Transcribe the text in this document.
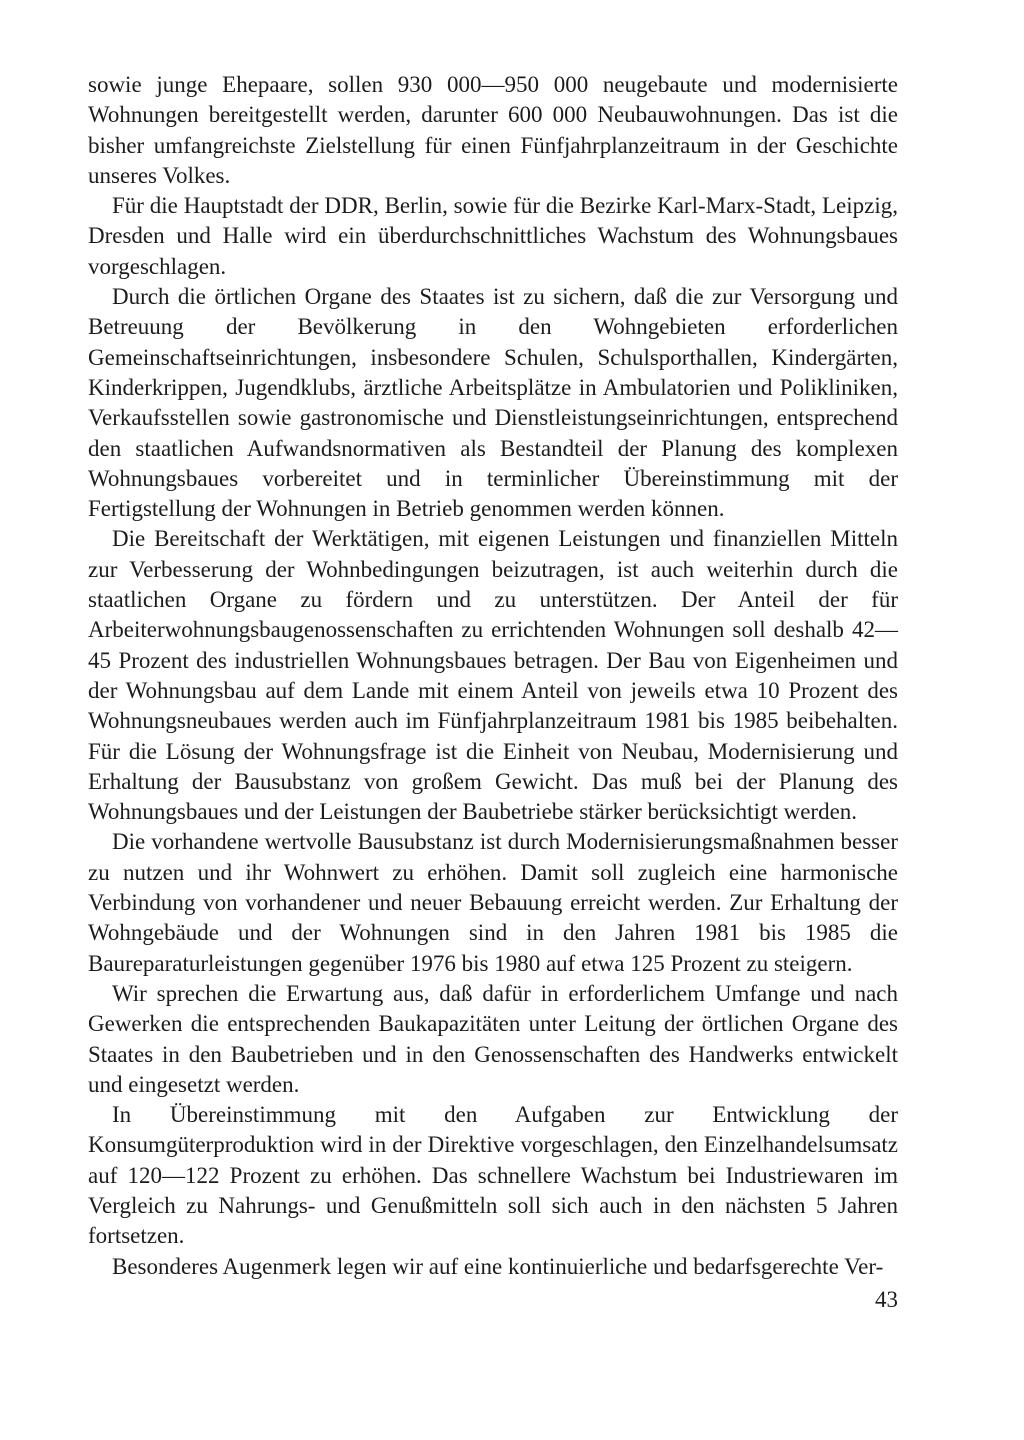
sowie junge Ehepaare, sollen 930 000—950 000 neugebaute und modernisierte Wohnungen bereitgestellt werden, darunter 600 000 Neubauwohnungen. Das ist die bisher umfangreichste Zielstellung für einen Fünfjahrplanzeitraum in der Geschichte unseres Volkes.

Für die Hauptstadt der DDR, Berlin, sowie für die Bezirke Karl-Marx-Stadt, Leipzig, Dresden und Halle wird ein überdurchschnittliches Wachstum des Wohnungsbaues vorgeschlagen.

Durch die örtlichen Organe des Staates ist zu sichern, daß die zur Versorgung und Betreuung der Bevölkerung in den Wohngebieten erforderlichen Gemeinschaftseinrichtungen, insbesondere Schulen, Schulsporthallen, Kindergärten, Kinderkrippen, Jugendklubs, ärztliche Arbeitsplätze in Ambulatorien und Polikliniken, Verkaufsstellen sowie gastronomische und Dienstleistungseinrichtungen, entsprechend den staatlichen Aufwandsnormativen als Bestandteil der Planung des komplexen Wohnungsbaues vorbereitet und in terminlicher Übereinstimmung mit der Fertigstellung der Wohnungen in Betrieb genommen werden können.

Die Bereitschaft der Werktätigen, mit eigenen Leistungen und finanziellen Mitteln zur Verbesserung der Wohnbedingungen beizutragen, ist auch weiterhin durch die staatlichen Organe zu fördern und zu unterstützen. Der Anteil der für Arbeiterwohnungsbaugenossenschaften zu errichtenden Wohnungen soll deshalb 42—45 Prozent des industriellen Wohnungsbaues betragen. Der Bau von Eigenheimen und der Wohnungsbau auf dem Lande mit einem Anteil von jeweils etwa 10 Prozent des Wohnungsneubaues werden auch im Fünfjahrplanzeitraum 1981 bis 1985 beibehalten. Für die Lösung der Wohnungsfrage ist die Einheit von Neubau, Modernisierung und Erhaltung der Bausubstanz von großem Gewicht. Das muß bei der Planung des Wohnungsbaues und der Leistungen der Baubetriebe stärker berücksichtigt werden.

Die vorhandene wertvolle Bausubstanz ist durch Modernisierungsmaßnahmen besser zu nutzen und ihr Wohnwert zu erhöhen. Damit soll zugleich eine harmonische Verbindung von vorhandener und neuer Bebauung erreicht werden. Zur Erhaltung der Wohngebäude und der Wohnungen sind in den Jahren 1981 bis 1985 die Baureparaturleistungen gegenüber 1976 bis 1980 auf etwa 125 Prozent zu steigern.

Wir sprechen die Erwartung aus, daß dafür in erforderlichem Umfange und nach Gewerken die entsprechenden Baukapazitäten unter Leitung der örtlichen Organe des Staates in den Baubetrieben und in den Genossenschaften des Handwerks entwickelt und eingesetzt werden.

In Übereinstimmung mit den Aufgaben zur Entwicklung der Konsumgüterproduktion wird in der Direktive vorgeschlagen, den Einzelhandelsumsatz auf 120—122 Prozent zu erhöhen. Das schnellere Wachstum bei Industriewaren im Vergleich zu Nahrungs- und Genußmitteln soll sich auch in den nächsten 5 Jahren fortsetzen.

Besonderes Augenmerk legen wir auf eine kontinuierliche und bedarfsgerechte Ver-

43
